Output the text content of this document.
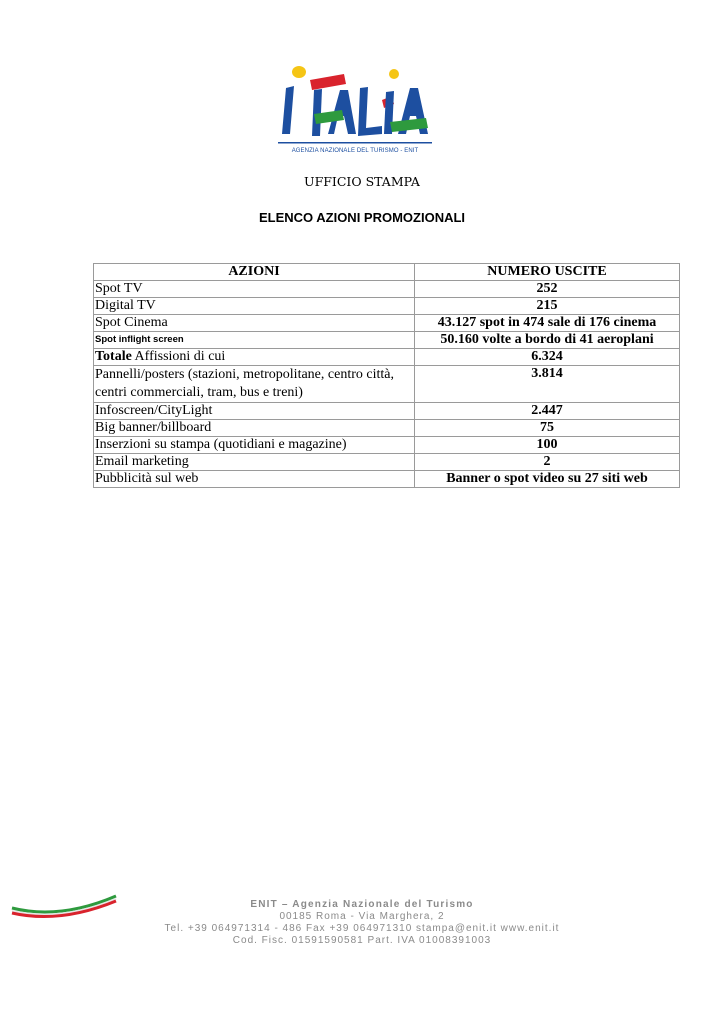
AGENZIA NAZIONALE DEL TURISMO - ENIT
UFFICIO STAMPA
ELENCO AZIONI PROMOZIONALI
AZIONI	NUMERO USCITE
Spot TV	252
Digital TV	215
Spot Cinema	43.127 spot in 474 sale di 176 cinema
Spot inflight screen	50.160 volte a bordo di 41 aeroplani
Totale Affissioni di cui	6.324
Pannelli/posters (stazioni, metropolitane, centro città, centri commerciali, tram, bus e treni)	3.814
Infoscreen/CityLight	2.447
Big banner/billboard	75
Inserzioni su stampa (quotidiani e magazine)	100
Email marketing	2
Pubblicità sul web	Banner o spot video su 27 siti web
ENIT – Agenzia Nazionale del Turismo
00185 Roma - Via Marghera, 2
Tel. +39 064971314 - 486 Fax +39 064971310 stampa@enit.it www.enit.it
Cod. Fisc. 01591590581 Part. IVA 01008391003
